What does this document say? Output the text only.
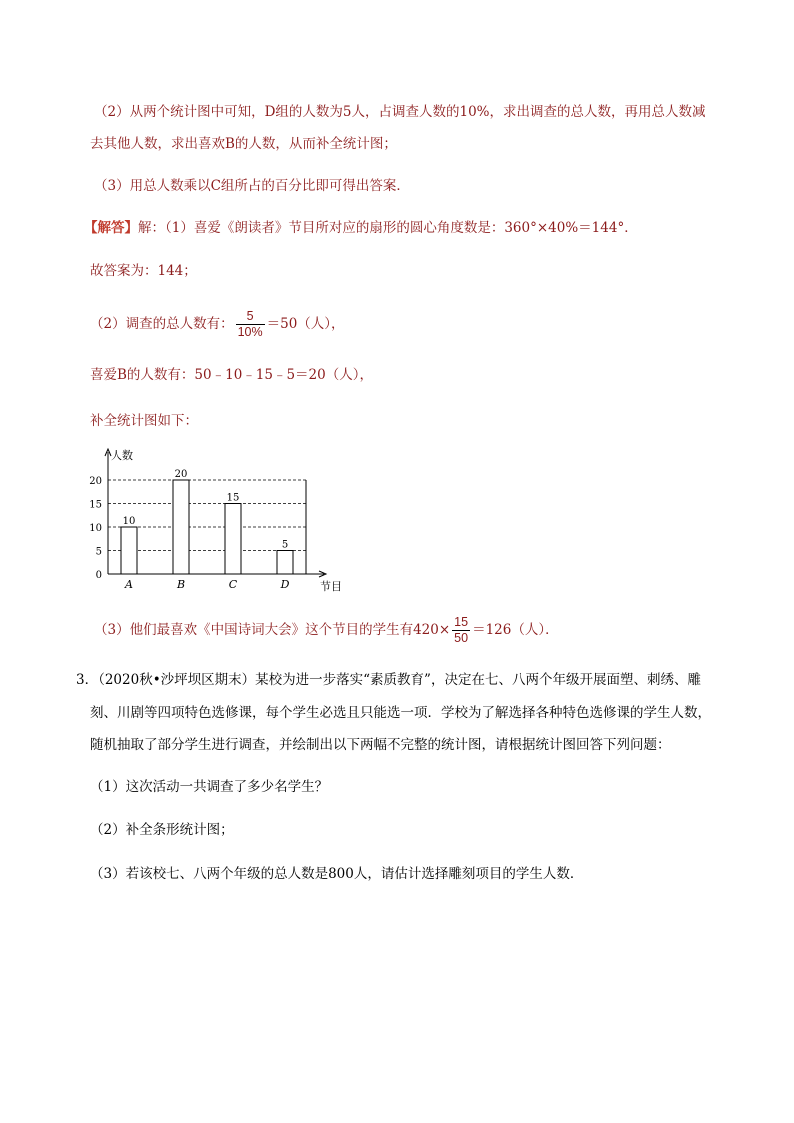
（2）从两个统计图中可知，D组的人数为5人，占调查人数的10%，求出调查的总人数，再用总人数减
去其他人数，求出喜欢B的人数，从而补全统计图；
（3）用总人数乘以C组所占的百分比即可得出答案．
【解答】解：（1）喜爱《朗读者》节目所对应的扇形的圆心角度数是：360°×40%＝144°．
故答案为：144；
（2）调查的总人数有： $\frac{5}{10\%} =50$（人），
喜爱B的人数有：50﹣10﹣15﹣5＝20（人），
补全统计图如下：
0
5
10
15
20
人数
节目
10
A
20
B
15
C
5
D
（3）他们最喜欢《中国诗词大会》这个节目的学生有$420\times \frac{15}{50} =126$（人）．
3．（2020秋•沙坪坝区期末）某校为进一步落实“素质教育”，决定在七、八两个年级开展面塑、刺绣、雕
刻、川剧等四项特色选修课，每个学生必选且只能选一项．学校为了解选择各种特色选修课的学生人数，
随机抽取了部分学生进行调查，并绘制出以下两幅不完整的统计图，请根据统计图回答下列问题：
（1）这次活动一共调查了多少名学生？
（2）补全条形统计图；
（3）若该校七、八两个年级的总人数是800人，请估计选择雕刻项目的学生人数．
